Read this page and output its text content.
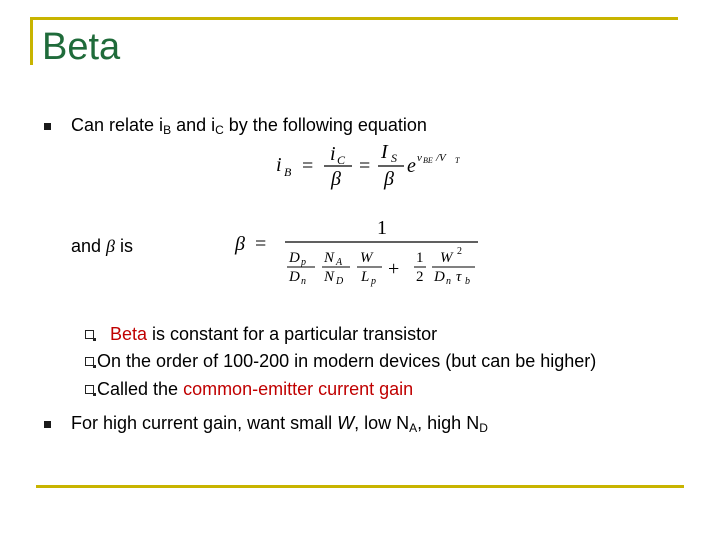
Beta
Can relate $i_B$ and $i_C$ by the following equation
i B =
i C
β
=
I S
β
e v BE /V T
and β is	β =
1
D p
D n
N A
N D
W
L p
+ 1
2
W 2
D n τ b
Beta is constant for a particular transistor
On the order of 100-200 in modern devices (but can be higher)
Called the common-emitter current gain
For high current gain, want small W, low $N_A$, high $N_D$
